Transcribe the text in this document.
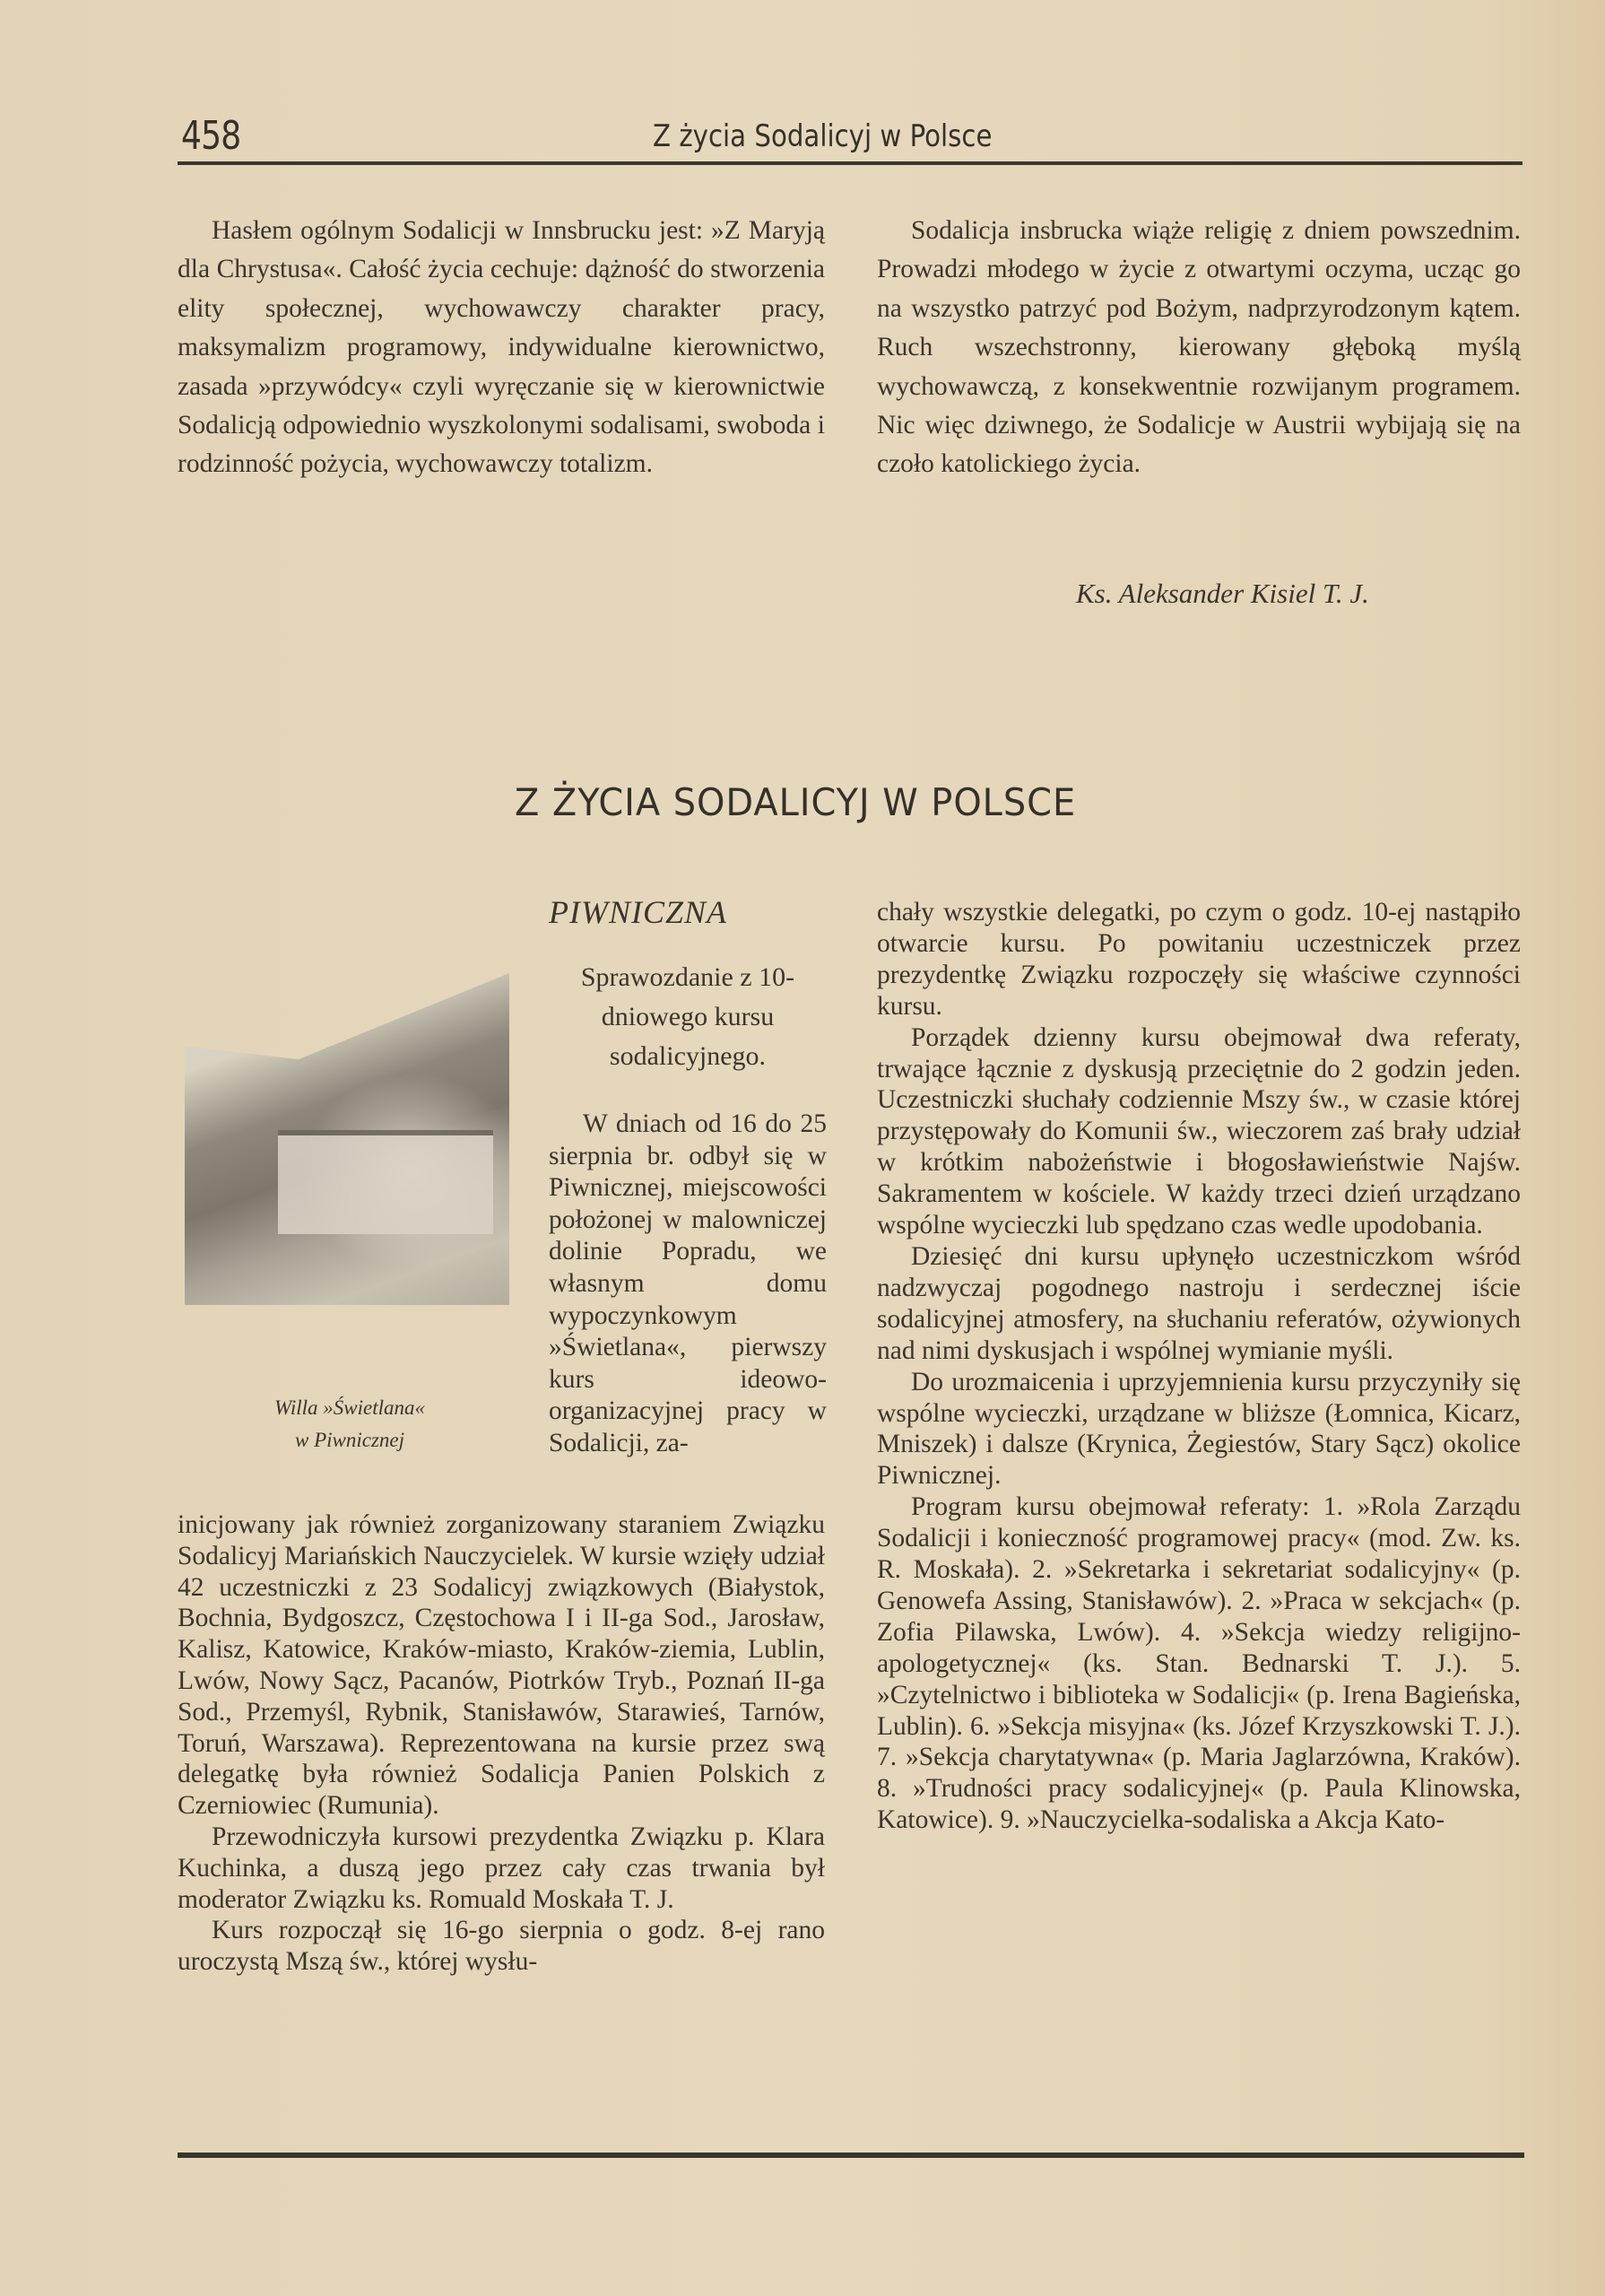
458	Z życia Sodalicyj w Polsce

Hasłem ogólnym Sodalicji w Innsbrucku jest: »Z Maryją dla Chrystusa«. Całość życia cechuje: dążność do stworzenia elity społecznej, wychowawczy charakter pracy, maksymalizm programowy, indywidualne kierownictwo, zasada »przywódcy« czyli wyręczanie się w kierownictwie Sodalicją odpowiednio wyszkolonymi sodalisami, swoboda i rodzinność pożycia, wychowawczy totalizm.

Sodalicja insbrucka wiąże religię z dniem powszednim. Prowadzi młodego w życie z otwartymi oczyma, ucząc go na wszystko patrzyć pod Bożym, nadprzyrodzonym kątem. Ruch wszechstronny, kierowany głęboką myślą wychowawczą, z konsekwentnie rozwijanym programem. Nic więc dziwnego, że Sodalicje w Austrii wybijają się na czoło katolickiego życia.

Ks. Aleksander Kisiel T. J.
Z ŻYCIA SODALICYJ W POLSCE
Willa »Świetlana«
w Piwnicznej
PIWNICZNA
Sprawozdanie z 10-dniowego kursu sodalicyjnego.

W dniach od 16 do 25 sierpnia br. odbył się w Piwnicznej, miejscowości położonej w malowniczej dolinie Popradu, we własnym domu wypoczynkowym »Świetlana«, pierwszy kurs ideowo-organizacyjnej pracy w Sodalicji, za-

inicjowany jak również zorganizowany staraniem Związku Sodalicyj Mariańskich Nauczycielek. W kursie wzięły udział 42 uczestniczki z 23 Sodalicyj związkowych (Białystok, Bochnia, Bydgoszcz, Częstochowa I i II-ga Sod., Jarosław, Kalisz, Katowice, Kraków-miasto, Kraków-ziemia, Lublin, Lwów, Nowy Sącz, Pacanów, Piotrków Tryb., Poznań II-ga Sod., Przemyśl, Rybnik, Stanisławów, Starawieś, Tarnów, Toruń, Warszawa). Reprezentowana na kursie przez swą delegatkę była również Sodalicja Panien Polskich z Czerniowiec (Rumunia).

Przewodniczyła kursowi prezydentka Związku p. Klara Kuchinka, a duszą jego przez cały czas trwania był moderator Związku ks. Romuald Moskała T. J.

Kurs rozpoczął się 16-go sierpnia o godz. 8-ej rano uroczystą Mszą św., której wysłu-

chały wszystkie delegatki, po czym o godz. 10-ej nastąpiło otwarcie kursu. Po powitaniu uczestniczek przez prezydentkę Związku rozpoczęły się właściwe czynności kursu.

Porządek dzienny kursu obejmował dwa referaty, trwające łącznie z dyskusją przeciętnie do 2 godzin jeden. Uczestniczki słuchały codziennie Mszy św., w czasie której przystępowały do Komunii św., wieczorem zaś brały udział w krótkim nabożeństwie i błogosławieństwie Najśw. Sakramentem w kościele. W każdy trzeci dzień urządzano wspólne wycieczki lub spędzano czas wedle upodobania.

Dziesięć dni kursu upłynęło uczestniczkom wśród nadzwyczaj pogodnego nastroju i serdecznej iście sodalicyjnej atmosfery, na słuchaniu referatów, ożywionych nad nimi dyskusjach i wspólnej wymianie myśli.

Do urozmaicenia i uprzyjemnienia kursu przyczyniły się wspólne wycieczki, urządzane w bliższe (Łomnica, Kicarz, Mniszek) i dalsze (Krynica, Żegiestów, Stary Sącz) okolice Piwnicznej.

Program kursu obejmował referaty: 1. »Rola Zarządu Sodalicji i konieczność programowej pracy« (mod. Zw. ks. R. Moskała). 2. »Sekretarka i sekretariat sodalicyjny« (p. Genowefa Assing, Stanisławów). 2. »Praca w sekcjach« (p. Zofia Pilawska, Lwów). 4. »Sekcja wiedzy religijno-apologetycznej« (ks. Stan. Bednarski T. J.). 5. »Czytelnictwo i biblioteka w Sodalicji« (p. Irena Bagieńska, Lublin). 6. »Sekcja misyjna« (ks. Józef Krzyszkowski T. J.). 7. »Sekcja charytatywna« (p. Maria Jaglarzówna, Kraków). 8. »Trudności pracy sodalicyjnej« (p. Paula Klinowska, Katowice). 9. »Nauczycielka-sodaliska a Akcja Kato-
